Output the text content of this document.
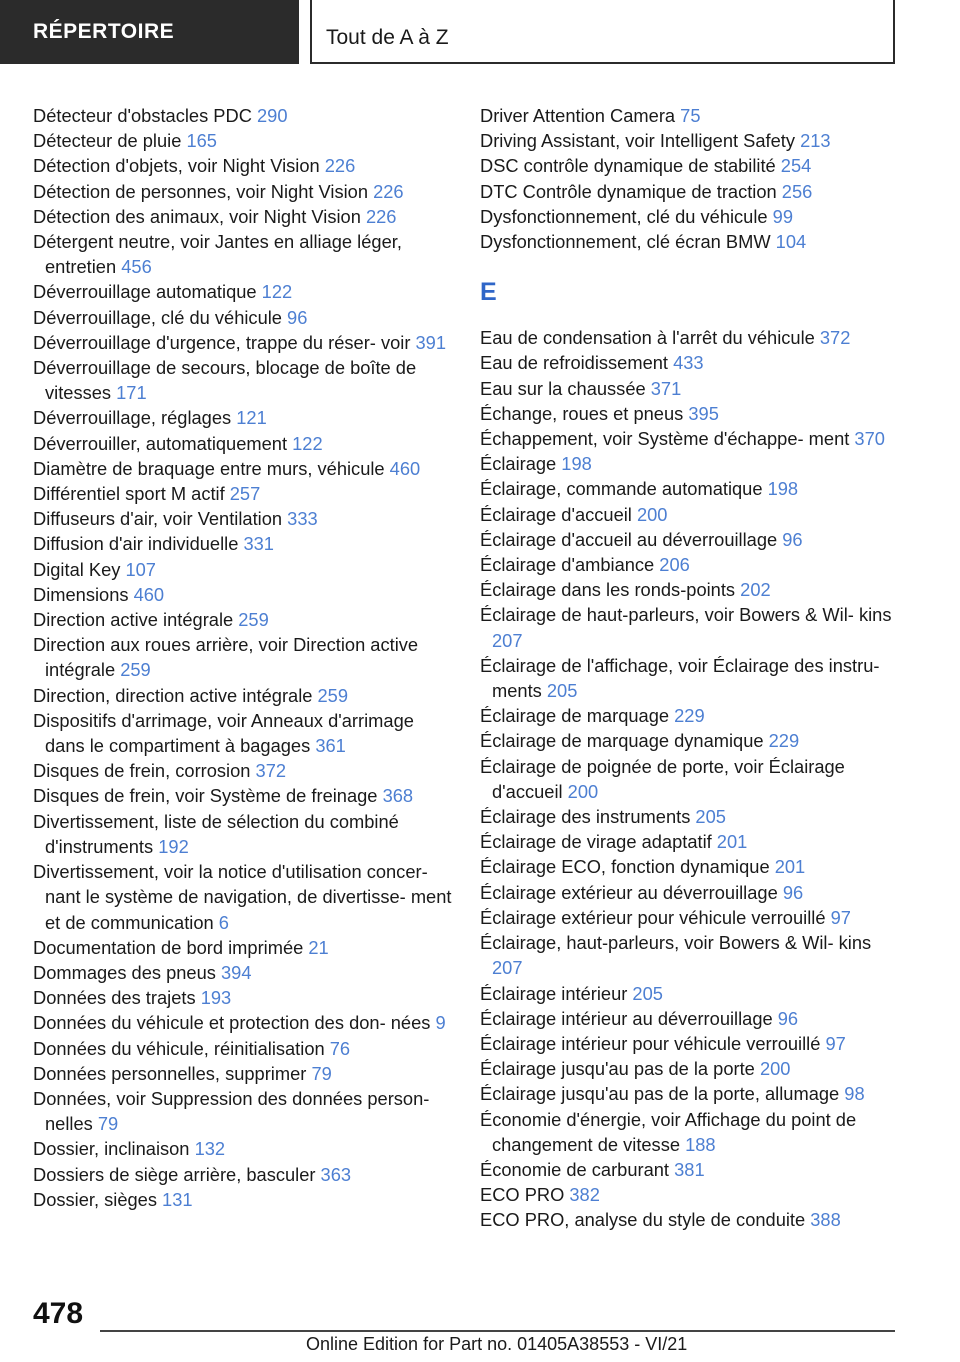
RÉPERTOIRE	Tout de A à Z
Détecteur d'obstacles PDC 290
Détecteur de pluie 165
Détection d'objets, voir Night Vision 226
Détection de personnes, voir Night Vision 226
Détection des animaux, voir Night Vision 226
Détergent neutre, voir Jantes en alliage léger, entretien 456
Déverrouillage automatique 122
Déverrouillage, clé du véhicule 96
Déverrouillage d'urgence, trappe du réser- voir 391
Déverrouillage de secours, blocage de boîte de vitesses 171
Déverrouillage, réglages 121
Déverrouiller, automatiquement 122
Diamètre de braquage entre murs, véhicule 460
Différentiel sport M actif 257
Diffuseurs d'air, voir Ventilation 333
Diffusion d'air individuelle 331
Digital Key 107
Dimensions 460
Direction active intégrale 259
Direction aux roues arrière, voir Direction active intégrale 259
Direction, direction active intégrale 259
Dispositifs d'arrimage, voir Anneaux d'arrimage dans le compartiment à bagages 361
Disques de frein, corrosion 372
Disques de frein, voir Système de freinage 368
Divertissement, liste de sélection du combiné d'instruments 192
Divertissement, voir la notice d'utilisation concer- nant le système de navigation, de divertisse- ment et de communication 6
Documentation de bord imprimée 21
Dommages des pneus 394
Données des trajets 193
Données du véhicule et protection des don- nées 9
Données du véhicule, réinitialisation 76
Données personnelles, supprimer 79
Données, voir Suppression des données person- nelles 79
Dossier, inclinaison 132
Dossiers de siège arrière, basculer 363
Dossier, sièges 131
Driver Attention Camera 75
Driving Assistant, voir Intelligent Safety 213
DSC contrôle dynamique de stabilité 254
DTC Contrôle dynamique de traction 256
Dysfonctionnement, clé du véhicule 99
Dysfonctionnement, clé écran BMW 104
E
Eau de condensation à l'arrêt du véhicule 372
Eau de refroidissement 433
Eau sur la chaussée 371
Échange, roues et pneus 395
Échappement, voir Système d'échappe- ment 370
Éclairage 198
Éclairage, commande automatique 198
Éclairage d'accueil 200
Éclairage d'accueil au déverrouillage 96
Éclairage d'ambiance 206
Éclairage dans les ronds-points 202
Éclairage de haut-parleurs, voir Bowers & Wil- kins 207
Éclairage de l'affichage, voir Éclairage des instru- ments 205
Éclairage de marquage 229
Éclairage de marquage dynamique 229
Éclairage de poignée de porte, voir Éclairage d'accueil 200
Éclairage des instruments 205
Éclairage de virage adaptatif 201
Éclairage ECO, fonction dynamique 201
Éclairage extérieur au déverrouillage 96
Éclairage extérieur pour véhicule verrouillé 97
Éclairage, haut-parleurs, voir Bowers & Wil- kins 207
Éclairage intérieur 205
Éclairage intérieur au déverrouillage 96
Éclairage intérieur pour véhicule verrouillé 97
Éclairage jusqu'au pas de la porte 200
Éclairage jusqu'au pas de la porte, allumage 98
Économie d'énergie, voir Affichage du point de changement de vitesse 188
Économie de carburant 381
ECO PRO 382
ECO PRO, analyse du style de conduite 388
478
Online Edition for Part no. 01405A38553 - VI/21
